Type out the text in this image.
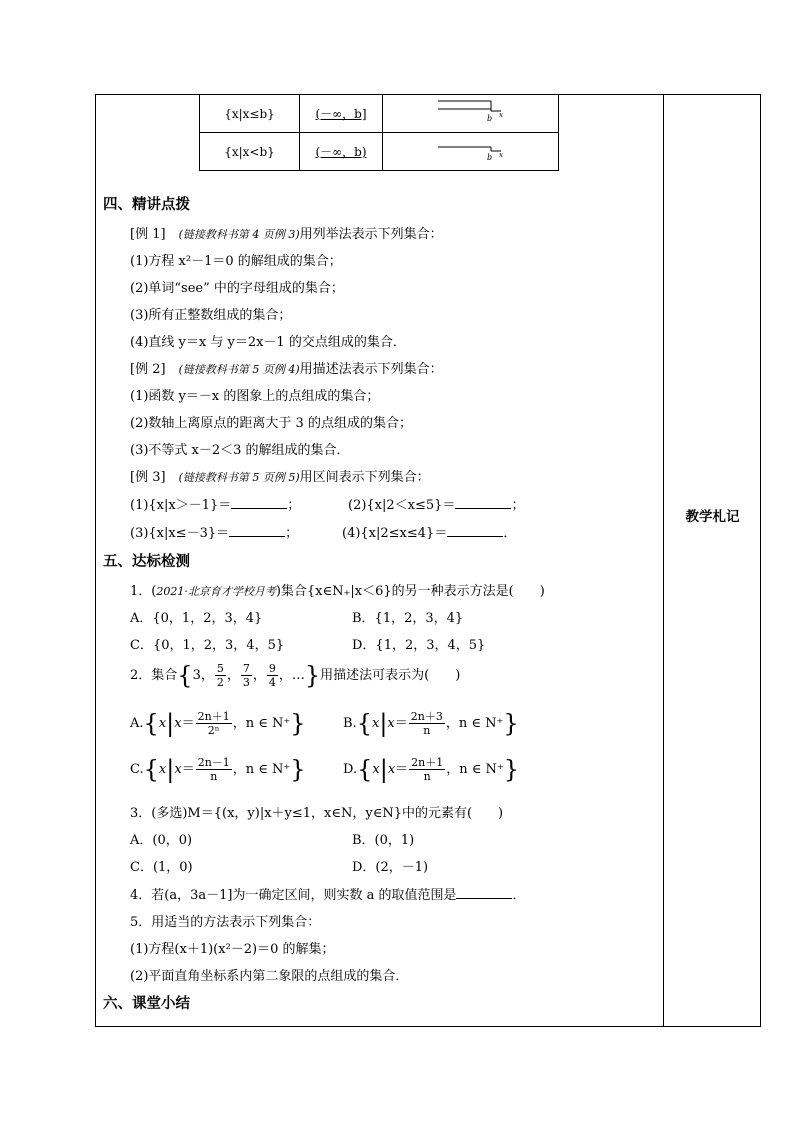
教学札记
{x|x≤b}	(－∞，b]	b x

{x|x<b}	(－∞，b)	b x
四、精讲点拨
[例 1]　 (链接教科书第 4 页例 3)用列举法表示下列集合：
(1)方程 x²－1＝0 的解组成的集合；
(2)单词“see” 中的字母组成的集合；
(3)所有正整数组成的集合；
(4)直线 y＝x 与 y＝2x－1 的交点组成的集合．
[例 2]　 (链接教科书第 5 页例 4)用描述法表示下列集合：
(1)函数 y＝－x 的图象上的点组成的集合；
(2)数轴上离原点的距离大于 3 的点组成的集合；
(3)不等式 x－2＜3 的解组成的集合．
[例 3]　 (链接教科书第 5 页例 5)用区间表示下列集合：
(1){x|x＞－1}＝	；	(2){x|2＜x≤5}＝	；
(3){x|x≤－3}＝	；	(4){x|2≤x≤4}＝	．
五、达标检测
1．(2021·北京育才学校月考)集合{x∈N₊|x＜6}的另一种表示方法是(　　)
A．{0，1，2，3，4}	B．{1，2，3，4}
C．{0，1，2，3，4，5}	D．{1，2，3，4，5}
2．集合{3， $\frac{5}{2}$ ， $\frac{7}{3}$ ， $\frac{9}{4}$ ，…}用描述法可表示为(　　)
$A.\{x|x= \frac{2n+1}{\text{2ⁿ}}$ ，n ∈ N⁺}	$B.\{x|x= \frac{2n+3}{n}$ ，n ∈ N⁺}
$C.\{x|x= \frac{2n-1}{n}$ ，n ∈ N⁺}	$D.\{x|x= \frac{2n+1}{n}$ ，n ∈ N⁺}
3．(多选)M＝{(x，y)|x＋y≤1，x∈N，y∈N}中的元素有(　　)
A．(0，0)	B．(0，1)
C．(1，0)	D．(2，－1)
4．若(a，3a－1]为一确定区间，则实数 a 的取值范围是	．
5．用适当的方法表示下列集合：
(1)方程(x＋1)(x²－2)＝0 的解集；
(2)平面直角坐标系内第二象限的点组成的集合．
六、课堂小结
